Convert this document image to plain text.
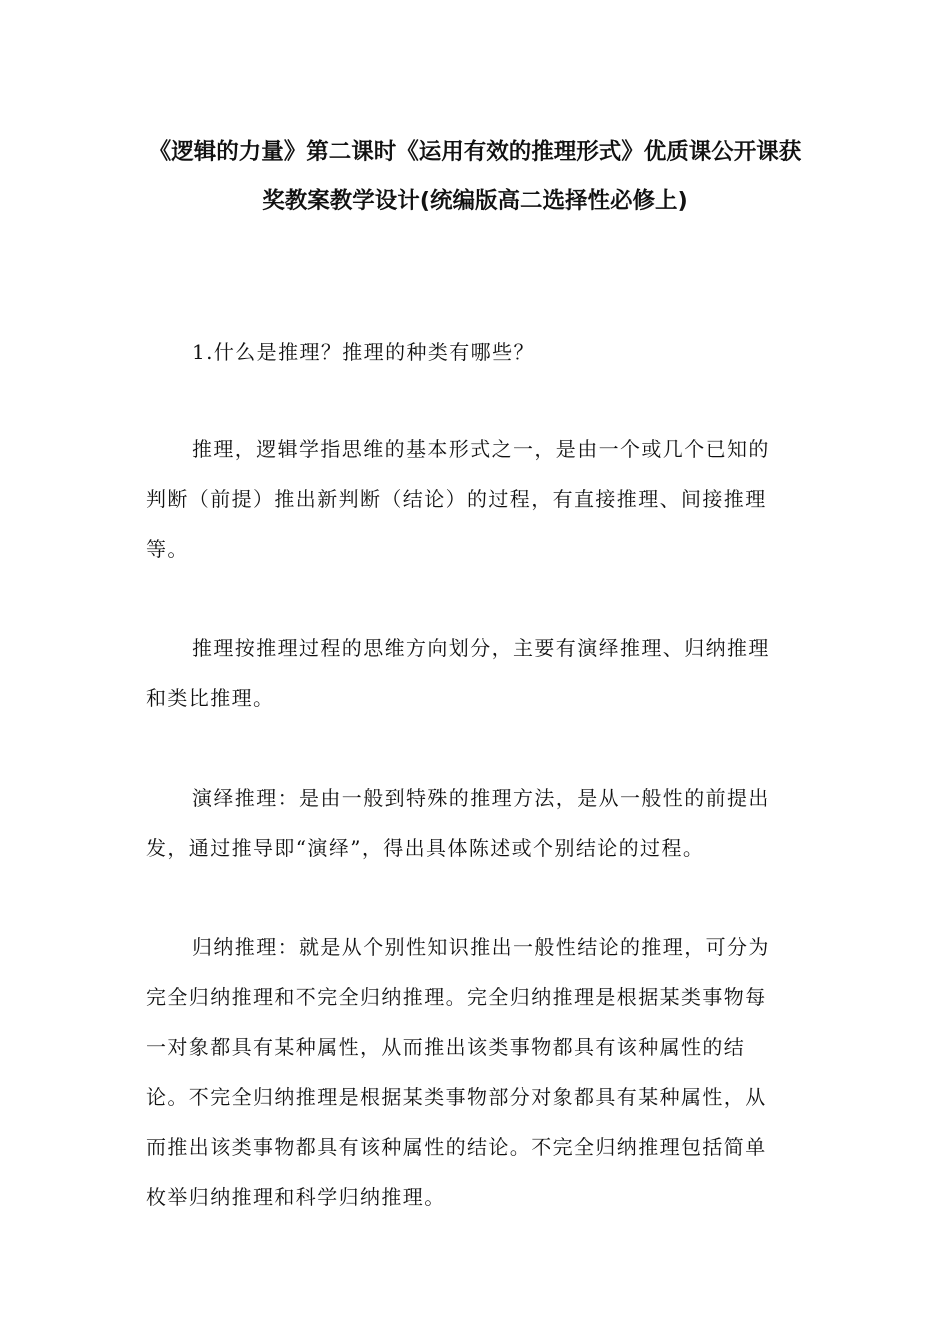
《逻辑的力量》第二课时《运用有效的推理形式》优质课公开课获
奖教案教学设计(统编版高二选择性必修上)
1.什么是推理？推理的种类有哪些？
推理，逻辑学指思维的基本形式之一，是由一个或几个已知的
判断（前提）推出新判断（结论）的过程，有直接推理、间接推理
等。
推理按推理过程的思维方向划分，主要有演绎推理、归纳推理
和类比推理。
演绎推理：是由一般到特殊的推理方法，是从一般性的前提出
发，通过推导即“演绎”，得出具体陈述或个别结论的过程。
归纳推理：就是从个别性知识推出一般性结论的推理，可分为
完全归纳推理和不完全归纳推理。完全归纳推理是根据某类事物每
一对象都具有某种属性，从而推出该类事物都具有该种属性的结
论。不完全归纳推理是根据某类事物部分对象都具有某种属性，从
而推出该类事物都具有该种属性的结论。不完全归纳推理包括简单
枚举归纳推理和科学归纳推理。
